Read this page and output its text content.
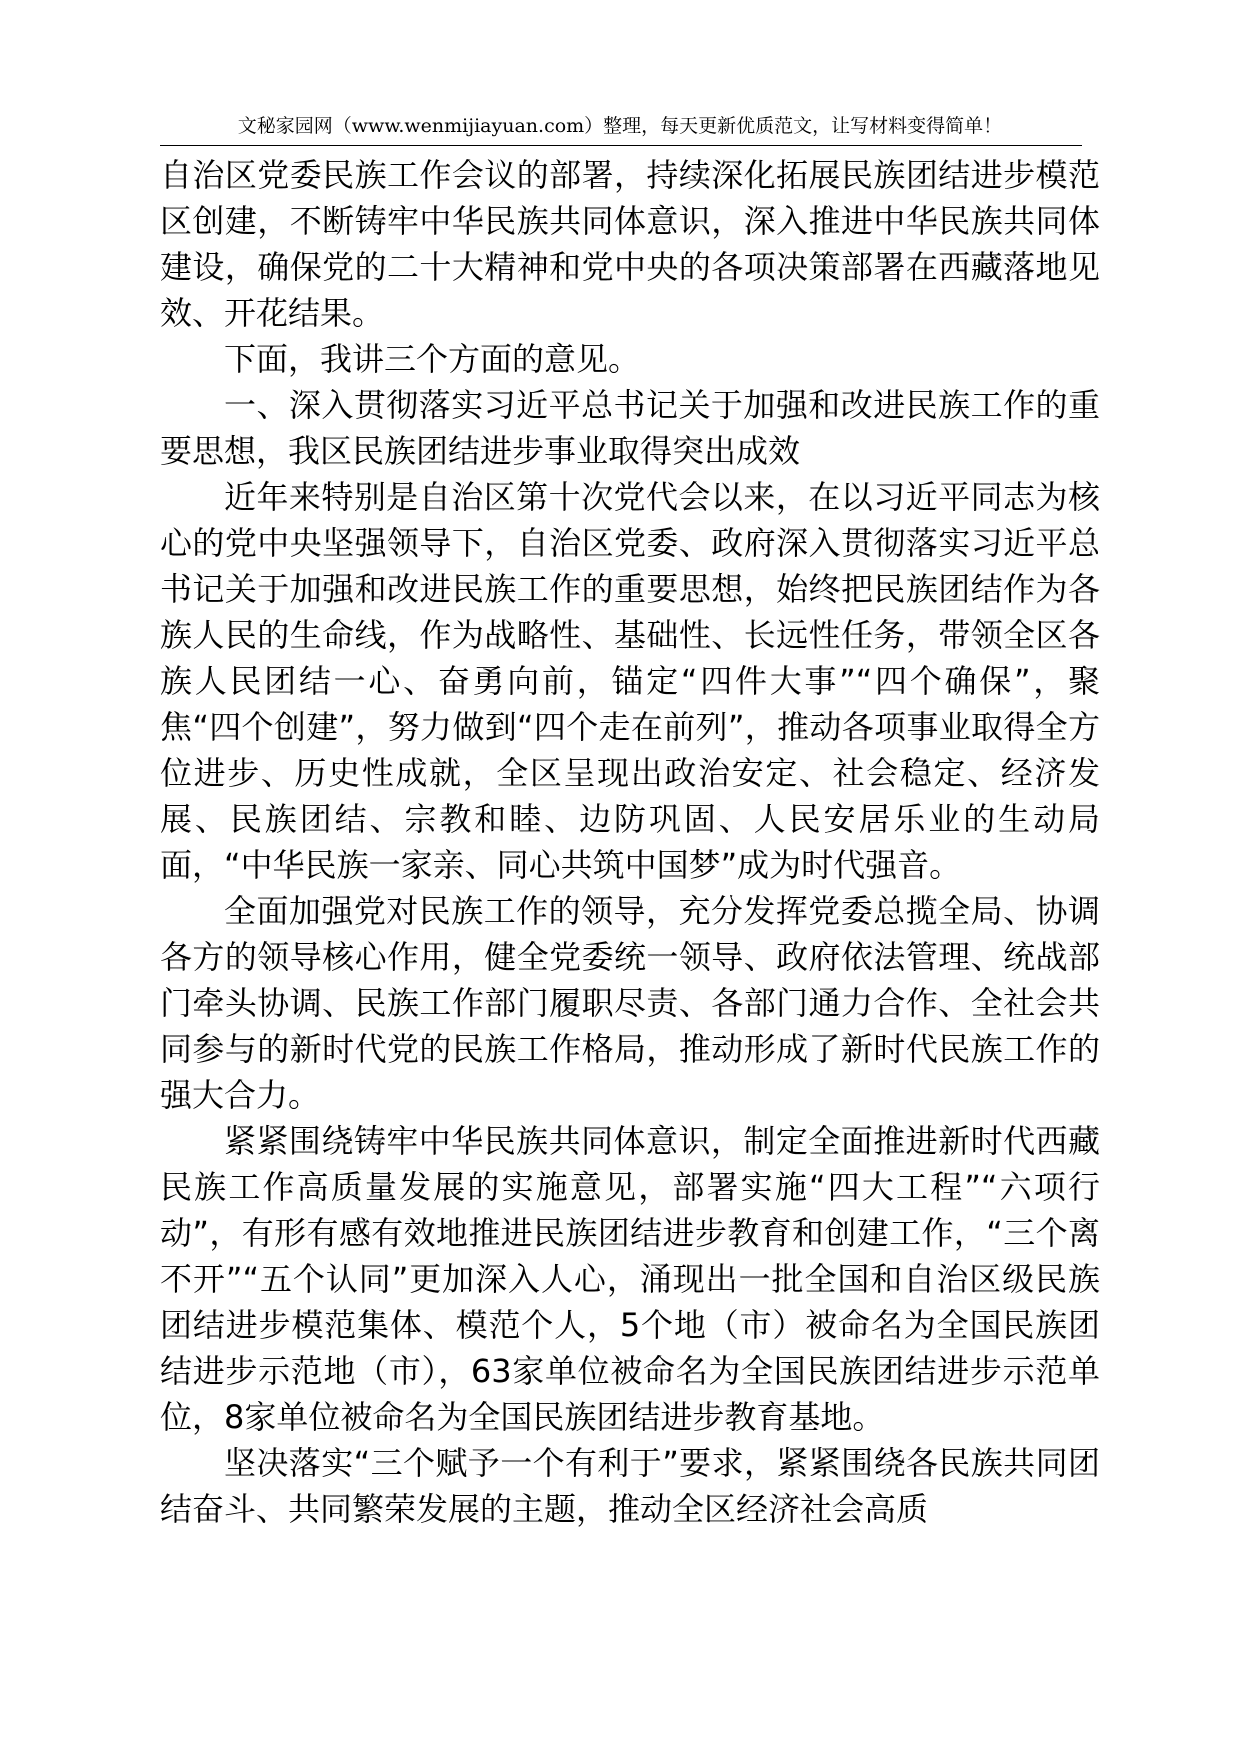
文秘家园网（www.wenmijiayuan.com）整理，每天更新优质范文，让写材料变得简单！

自治区党委民族工作会议的部署，持续深化拓展民族团结进步模范区创建，不断铸牢中华民族共同体意识，深入推进中华民族共同体建设，确保党的二十大精神和党中央的各项决策部署在西藏落地见效、开花结果。

下面，我讲三个方面的意见。

一、深入贯彻落实习近平总书记关于加强和改进民族工作的重要思想，我区民族团结进步事业取得突出成效

近年来特别是自治区第十次党代会以来，在以习近平同志为核心的党中央坚强领导下，自治区党委、政府深入贯彻落实习近平总书记关于加强和改进民族工作的重要思想，始终把民族团结作为各族人民的生命线，作为战略性、基础性、长远性任务，带领全区各族人民团结一心、奋勇向前，锚定“四件大事”“四个确保”，聚焦“四个创建”，努力做到“四个走在前列”，推动各项事业取得全方位进步、历史性成就，全区呈现出政治安定、社会稳定、经济发展、民族团结、宗教和睦、边防巩固、人民安居乐业的生动局面，“中华民族一家亲、同心共筑中国梦”成为时代强音。

全面加强党对民族工作的领导，充分发挥党委总揽全局、协调各方的领导核心作用，健全党委统一领导、政府依法管理、统战部门牵头协调、民族工作部门履职尽责、各部门通力合作、全社会共同参与的新时代党的民族工作格局，推动形成了新时代民族工作的强大合力。

紧紧围绕铸牢中华民族共同体意识，制定全面推进新时代西藏民族工作高质量发展的实施意见，部署实施“四大工程”“六项行动”，有形有感有效地推进民族团结进步教育和创建工作，“三个离不开”“五个认同”更加深入人心，涌现出一批全国和自治区级民族团结进步模范集体、模范个人，5个地（市）被命名为全国民族团结进步示范地（市），63家单位被命名为全国民族团结进步示范单位，8家单位被命名为全国民族团结进步教育基地。

坚决落实“三个赋予一个有利于”要求，紧紧围绕各民族共同团结奋斗、共同繁荣发展的主题，推动全区经济社会高质
